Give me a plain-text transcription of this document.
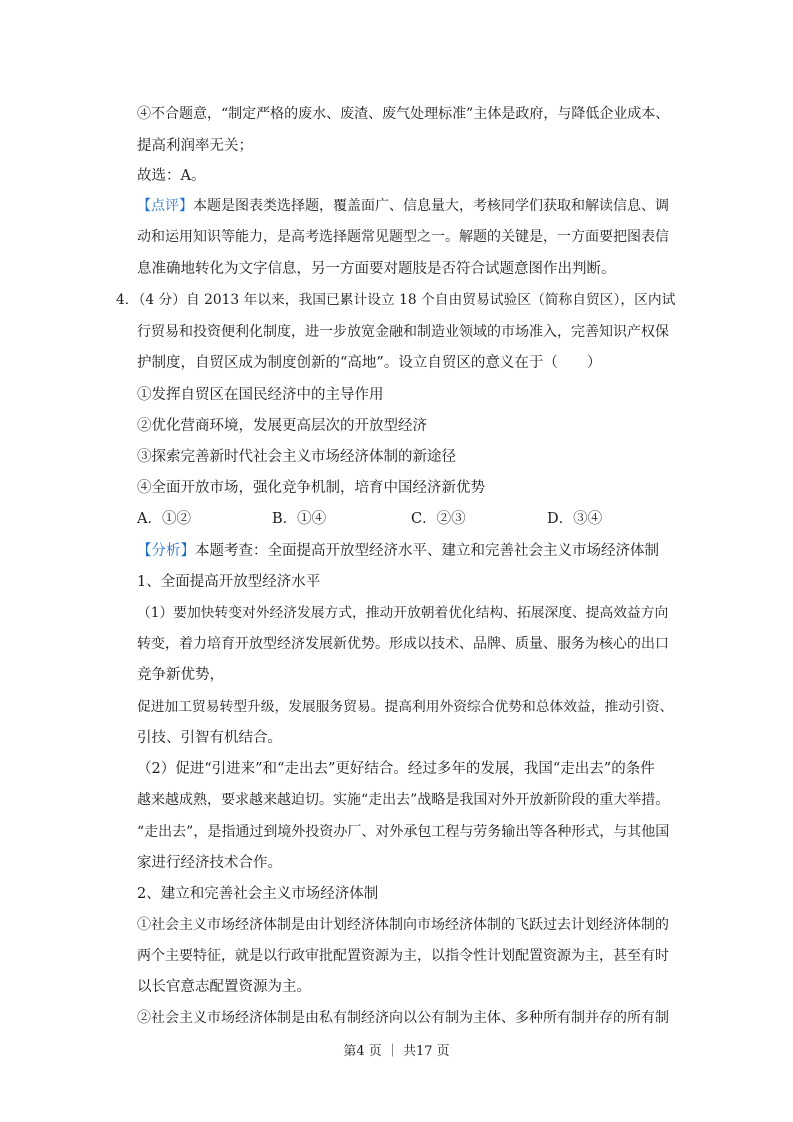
④不合题意，“制定严格的废水、废渣、废气处理标准”主体是政府，与降低企业成本、
提高利润率无关；
故选：A。
【点评】本题是图表类选择题，覆盖面广、信息量大，考核同学们获取和解读信息、调
动和运用知识等能力，是高考选择题常见题型之一。解题的关键是，一方面要把图表信
息准确地转化为文字信息，另一方面要对题肢是否符合试题意图作出判断。
4．（4 分）自 2013 年以来，我国已累计设立 18 个自由贸易试验区（简称自贸区），区内试
行贸易和投资便利化制度，进一步放宽金融和制造业领域的市场准入，完善知识产权保
护制度，自贸区成为制度创新的“高地”。设立自贸区的意义在于（　　）
①发挥自贸区在国民经济中的主导作用
②优化营商环境，发展更高层次的开放型经济
③探索完善新时代社会主义市场经济体制的新途径
④全面开放市场，强化竞争机制，培育中国经济新优势
A．①②	B．①④	C．②③	D．③④
【分析】本题考查：全面提高开放型经济水平、建立和完善社会主义市场经济体制
1、全面提高开放型经济水平
（1）要加快转变对外经济发展方式，推动开放朝着优化结构、拓展深度、提高效益方向
转变，着力培育开放型经济发展新优势。形成以技术、品牌、质量、服务为核心的出口
竞争新优势，
促进加工贸易转型升级，发展服务贸易。提高利用外资综合优势和总体效益，推动引资、
引技、引智有机结合。
（2）促进“引进来”和“走出去”更好结合。经过多年的发展，我国“走出去”的条件
越来越成熟，要求越来越迫切。实施“走出去”战略是我国对外开放新阶段的重大举措。
“走出去”，是指通过到境外投资办厂、对外承包工程与劳务输出等各种形式，与其他国
家进行经济技术合作。
2、建立和完善社会主义市场经济体制
①社会主义市场经济体制是由计划经济体制向市场经济体制的飞跃过去计划经济体制的
两个主要特征，就是以行政审批配置资源为主，以指令性计划配置资源为主，甚至有时
以长官意志配置资源为主。
②社会主义市场经济体制是由私有制经济向以公有制为主体、多种所有制并存的所有制
第4 页 ｜ 共17 页
